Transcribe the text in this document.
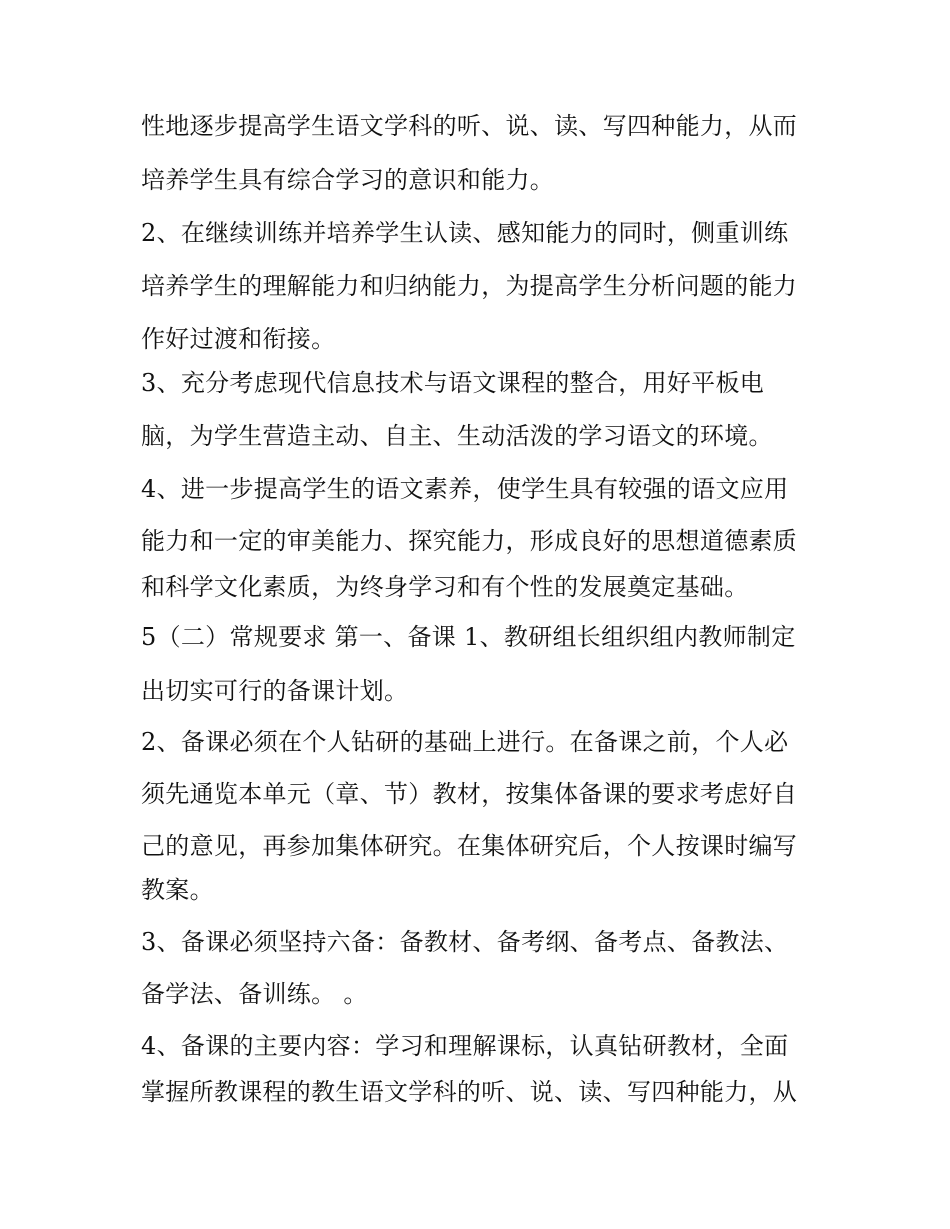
性地逐步提高学生语文学科的听、说、读、写四种能力，从而
培养学生具有综合学习的意识和能力。
2、在继续训练并培养学生认读、感知能力的同时，侧重训练
培养学生的理解能力和归纳能力，为提高学生分析问题的能力
作好过渡和衔接。
3、充分考虑现代信息技术与语文课程的整合，用好平板电
脑，为学生营造主动、自主、生动活泼的学习语文的环境。
4、进一步提高学生的语文素养，使学生具有较强的语文应用
能力和一定的审美能力、探究能力，形成良好的思想道德素质
和科学文化素质，为终身学习和有个性的发展奠定基础。
5（二）常规要求 第一、备课 1、教研组长组织组内教师制定
出切实可行的备课计划。
2、备课必须在个人钻研的基础上进行。在备课之前，个人必
须先通览本单元（章、节）教材，按集体备课的要求考虑好自
己的意见，再参加集体研究。在集体研究后，个人按课时编写
教案。
3、备课必须坚持六备：备教材、备考纲、备考点、备教法、
备学法、备训练。 。
4、备课的主要内容：学习和理解课标，认真钻研教材，全面
掌握所教课程的教生语文学科的听、说、读、写四种能力，从
